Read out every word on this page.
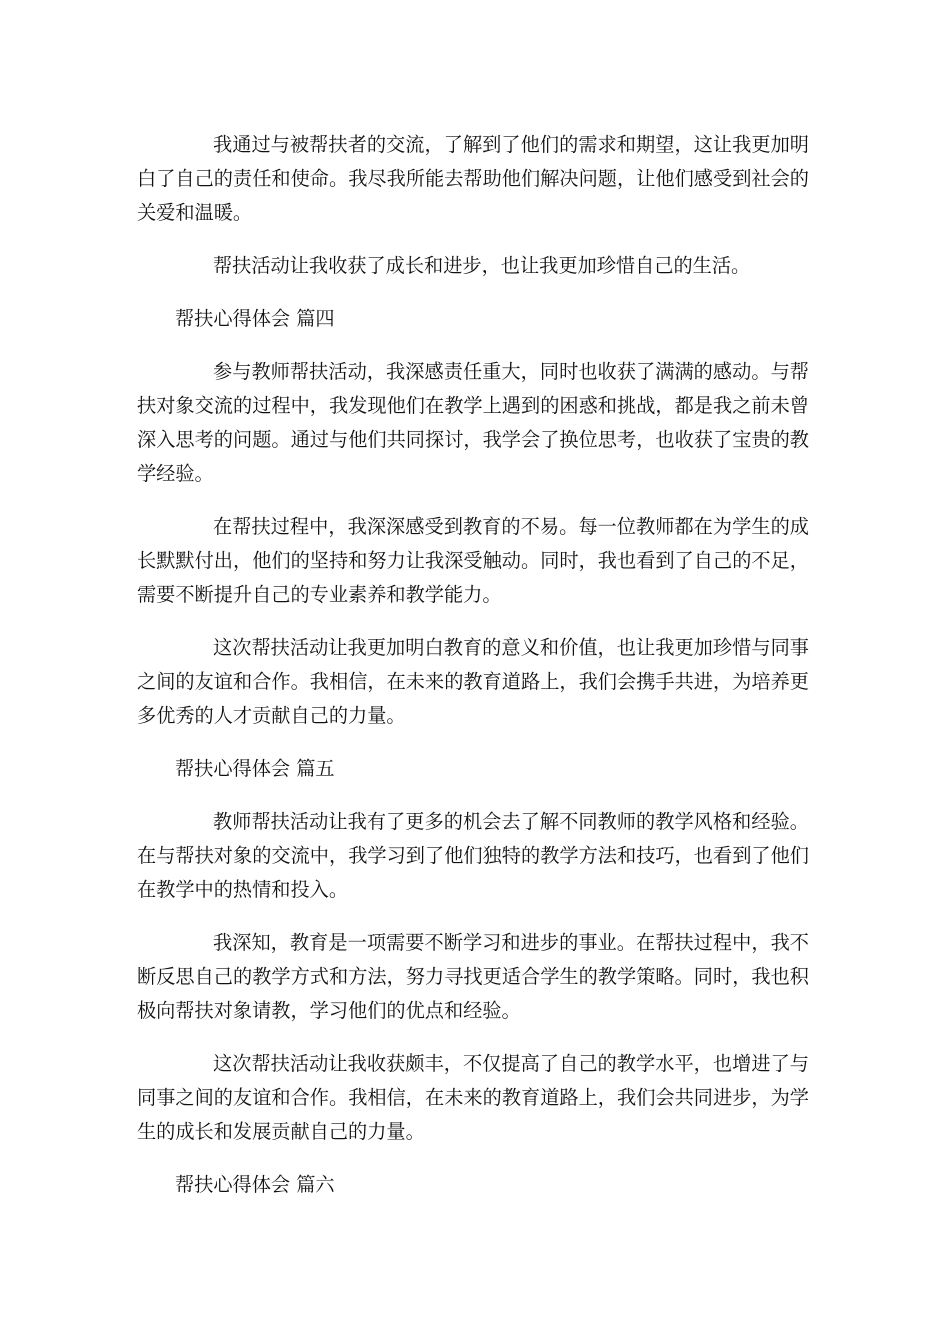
我通过与被帮扶者的交流，了解到了他们的需求和期望，这让我更加明白了自己的责任和使命。我尽我所能去帮助他们解决问题，让他们感受到社会的关爱和温暖。

帮扶活动让我收获了成长和进步，也让我更加珍惜自己的生活。

帮扶心得体会 篇四

参与教师帮扶活动，我深感责任重大，同时也收获了满满的感动。与帮扶对象交流的过程中，我发现他们在教学上遇到的困惑和挑战，都是我之前未曾深入思考的问题。通过与他们共同探讨，我学会了换位思考，也收获了宝贵的教学经验。

在帮扶过程中，我深深感受到教育的不易。每一位教师都在为学生的成长默默付出，他们的坚持和努力让我深受触动。同时，我也看到了自己的不足，需要不断提升自己的专业素养和教学能力。

这次帮扶活动让我更加明白教育的意义和价值，也让我更加珍惜与同事之间的友谊和合作。我相信，在未来的教育道路上，我们会携手共进，为培养更多优秀的人才贡献自己的力量。

帮扶心得体会 篇五

教师帮扶活动让我有了更多的机会去了解不同教师的教学风格和经验。在与帮扶对象的交流中，我学习到了他们独特的教学方法和技巧，也看到了他们在教学中的热情和投入。

我深知，教育是一项需要不断学习和进步的事业。在帮扶过程中，我不断反思自己的教学方式和方法，努力寻找更适合学生的教学策略。同时，我也积极向帮扶对象请教，学习他们的优点和经验。

这次帮扶活动让我收获颇丰，不仅提高了自己的教学水平，也增进了与同事之间的友谊和合作。我相信，在未来的教育道路上，我们会共同进步，为学生的成长和发展贡献自己的力量。

帮扶心得体会 篇六
